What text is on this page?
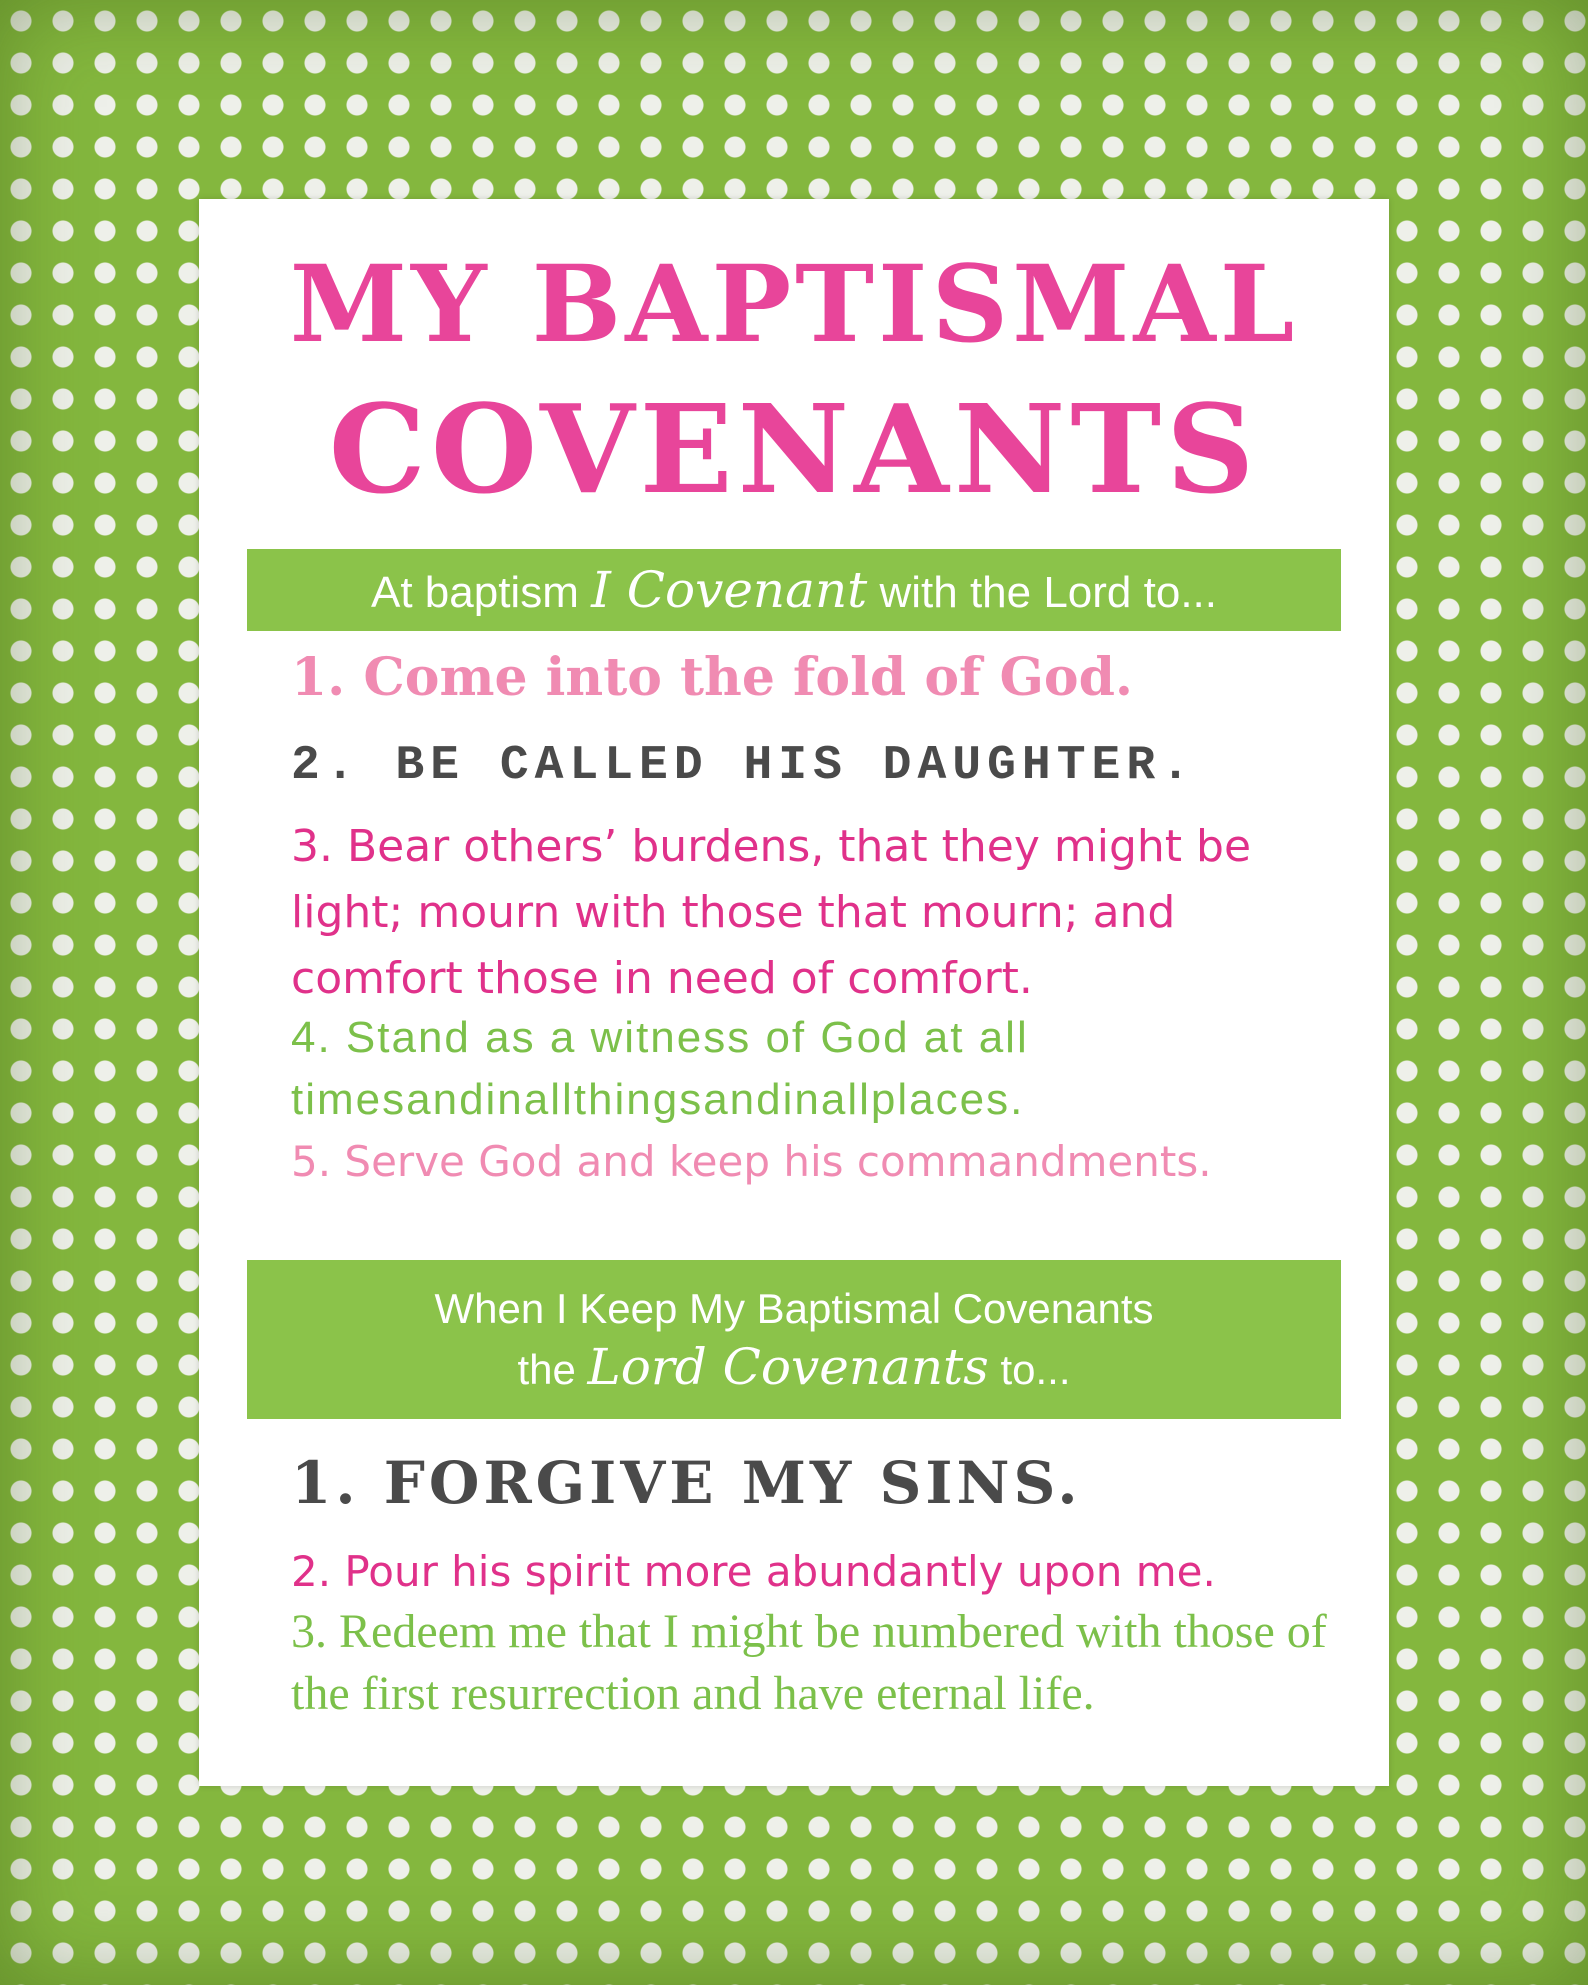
MY BAPTISMAL
COVENANTS
At baptism I Covenant with the Lord to...

1. Come into the fold of God.

2. BE CALLED HIS DAUGHTER.

3. Bear others’ burdens, that they might be light; mourn with those that mourn; and comfort those in need of comfort.

4. Stand as a witness of God at all timesandinallthingsandinallplaces.

5. Serve God and keep his commandments.

When I Keep My Baptismal Covenants
the Lord Covenants to...

1. FORGIVE MY SINS.

2. Pour his spirit more abundantly upon me.

3. Redeem me that I might be numbered with those of the first resurrection and have eternal life.
